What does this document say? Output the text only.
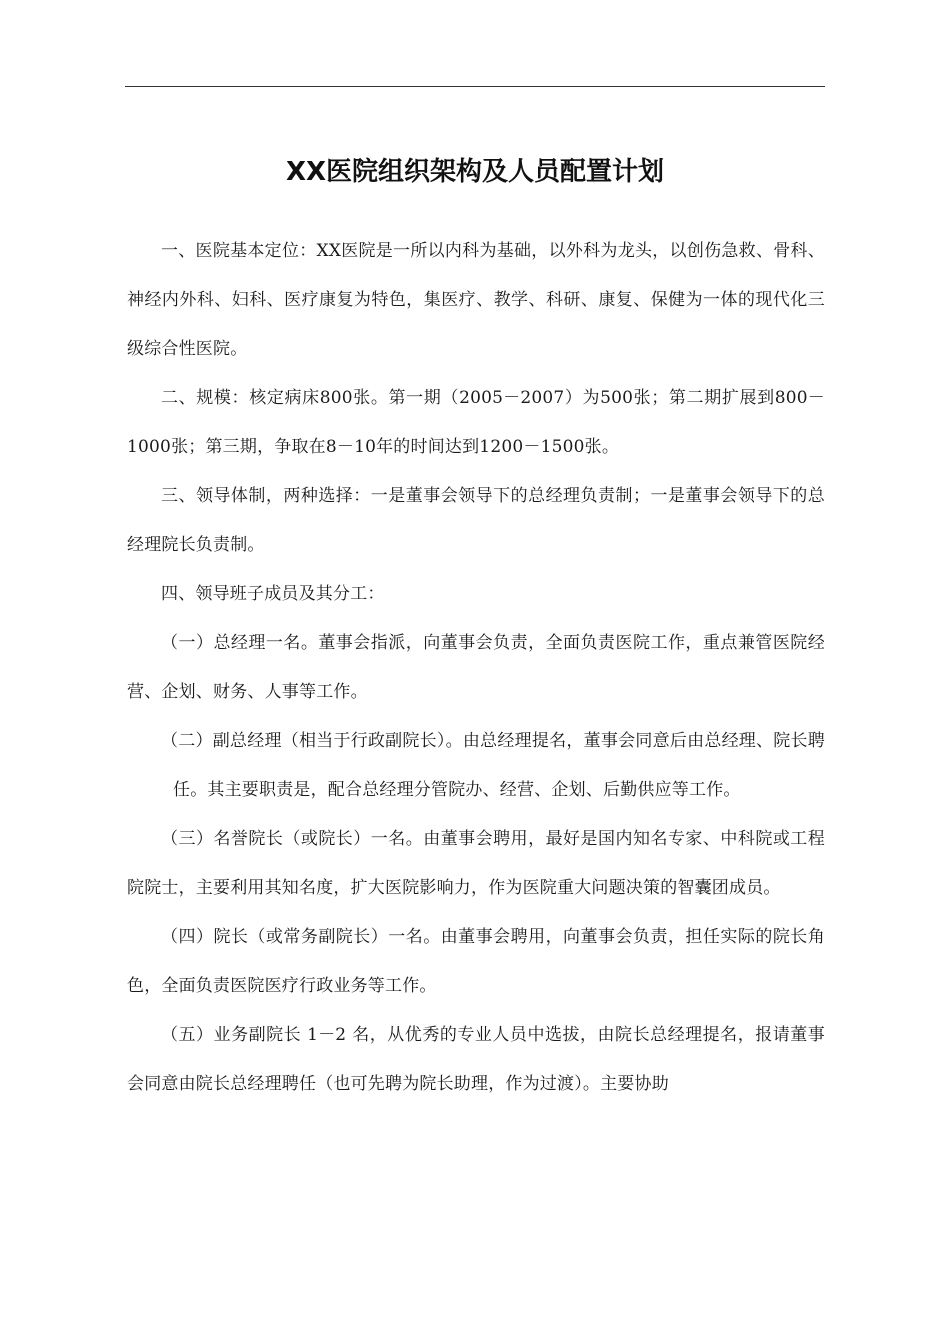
XX医院组织架构及人员配置计划

一、医院基本定位：XX医院是一所以内科为基础，以外科为龙头，以创伤急救、骨科、神经内外科、妇科、医疗康复为特色，集医疗、教学、科研、康复、保健为一体的现代化三级综合性医院。

二、规模：核定病床800张。第一期（2005－2007）为500张；第二期扩展到800－1000张；第三期，争取在8－10年的时间达到1200－1500张。

三、领导体制，两种选择：一是董事会领导下的总经理负责制；一是董事会领导下的总经理院长负责制。

四、领导班子成员及其分工：

（一）总经理一名。董事会指派，向董事会负责，全面负责医院工作，重点兼管医院经营、企划、财务、人事等工作。

（二）副总经理（相当于行政副院长）。由总经理提名，董事会同意后由总经理、院长聘任。其主要职责是，配合总经理分管院办、经营、企划、后勤供应等工作。

（三）名誉院长（或院长）一名。由董事会聘用，最好是国内知名专家、中科院或工程院院士，主要利用其知名度，扩大医院影响力，作为医院重大问题决策的智囊团成员。

（四）院长（或常务副院长）一名。由董事会聘用，向董事会负责，担任实际的院长角色，全面负责医院医疗行政业务等工作。

（五）业务副院长 1－2 名，从优秀的专业人员中选拔，由院长总经理提名，报请董事会同意由院长总经理聘任（也可先聘为院长助理，作为过渡）。主要协助
